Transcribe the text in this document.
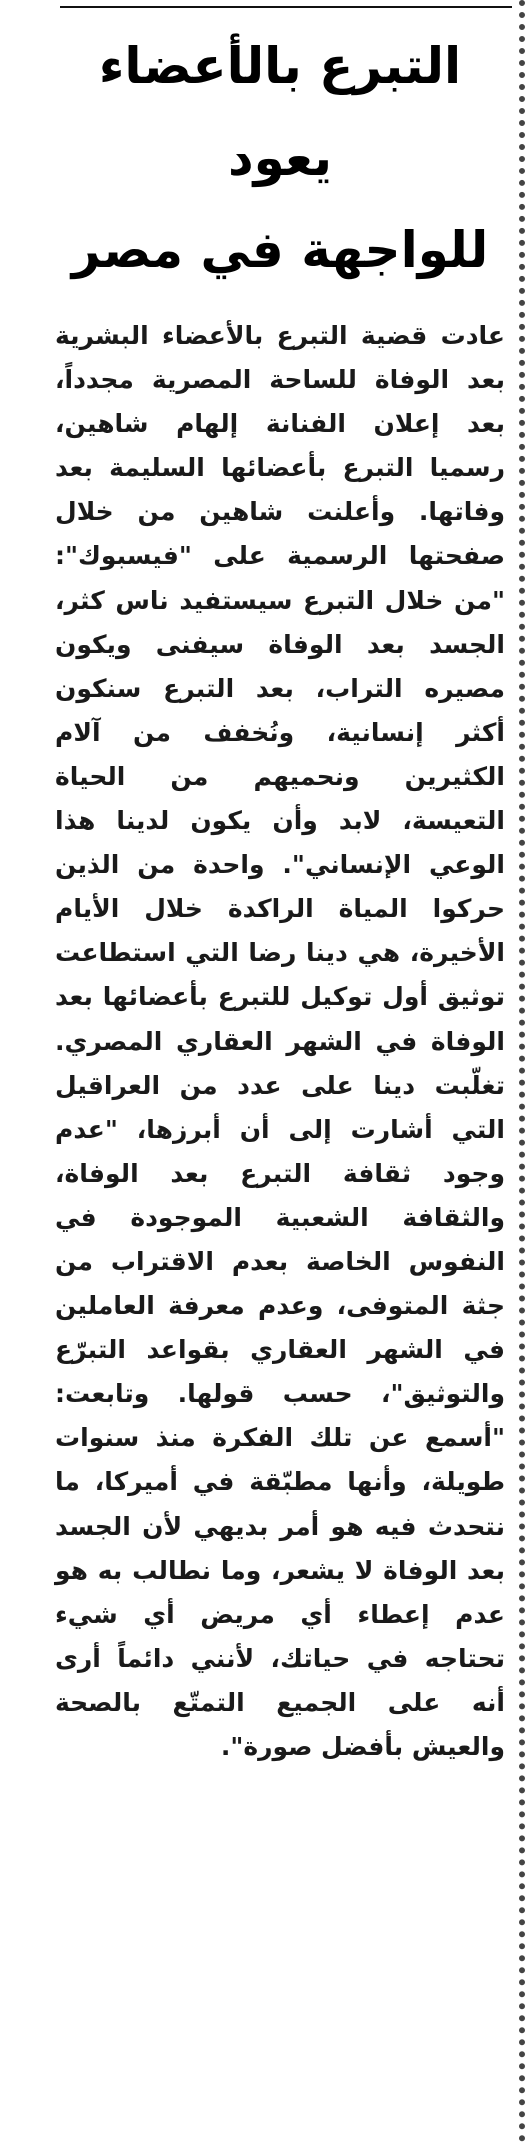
التبرع بالأعضاء يعود
للواجهة في مصر

عادت قضية التبرع بالأعضاء البشرية بعد الوفاة للساحة المصرية مجدداً، بعد إعلان الفنانة إلهام شاهين، رسميا التبرع بأعضائها السليمة بعد وفاتها. وأعلنت شاهين من خلال صفحتها الرسمية على "فيسبوك": "من خلال التبرع سيستفيد ناس كثر، الجسد بعد الوفاة سيفنى ويكون مصيره التراب، بعد التبرع سنكون أكثر إنسانية، ونُخفف من آلام الكثيرين ونحميهم من الحياة التعيسة، لابد وأن يكون لدينا هذا الوعي الإنساني". واحدة من الذين حركوا المياة الراكدة خلال الأيام الأخيرة، هي دينا رضا التي استطاعت توثيق أول توكيل للتبرع بأعضائها بعد الوفاة في الشهر العقاري المصري. تغلّبت دينا على عدد من العراقيل التي أشارت إلى أن أبرزها، "عدم وجود ثقافة التبرع بعد الوفاة، والثقافة الشعبية الموجودة في النفوس الخاصة بعدم الاقتراب من جثة المتوفى، وعدم معرفة العاملين في الشهر العقاري بقواعد التبرّع والتوثيق"، حسب قولها. وتابعت: "أسمع عن تلك الفكرة منذ سنوات طويلة، وأنها مطبّقة في أميركا، ما نتحدث فيه هو أمر بديهي لأن الجسد بعد الوفاة لا يشعر، وما نطالب به هو عدم إعطاء أي مريض أي شيء تحتاجه في حياتك، لأنني دائماً أرى أنه على الجميع التمتّع بالصحة والعيش بأفضل صورة".
